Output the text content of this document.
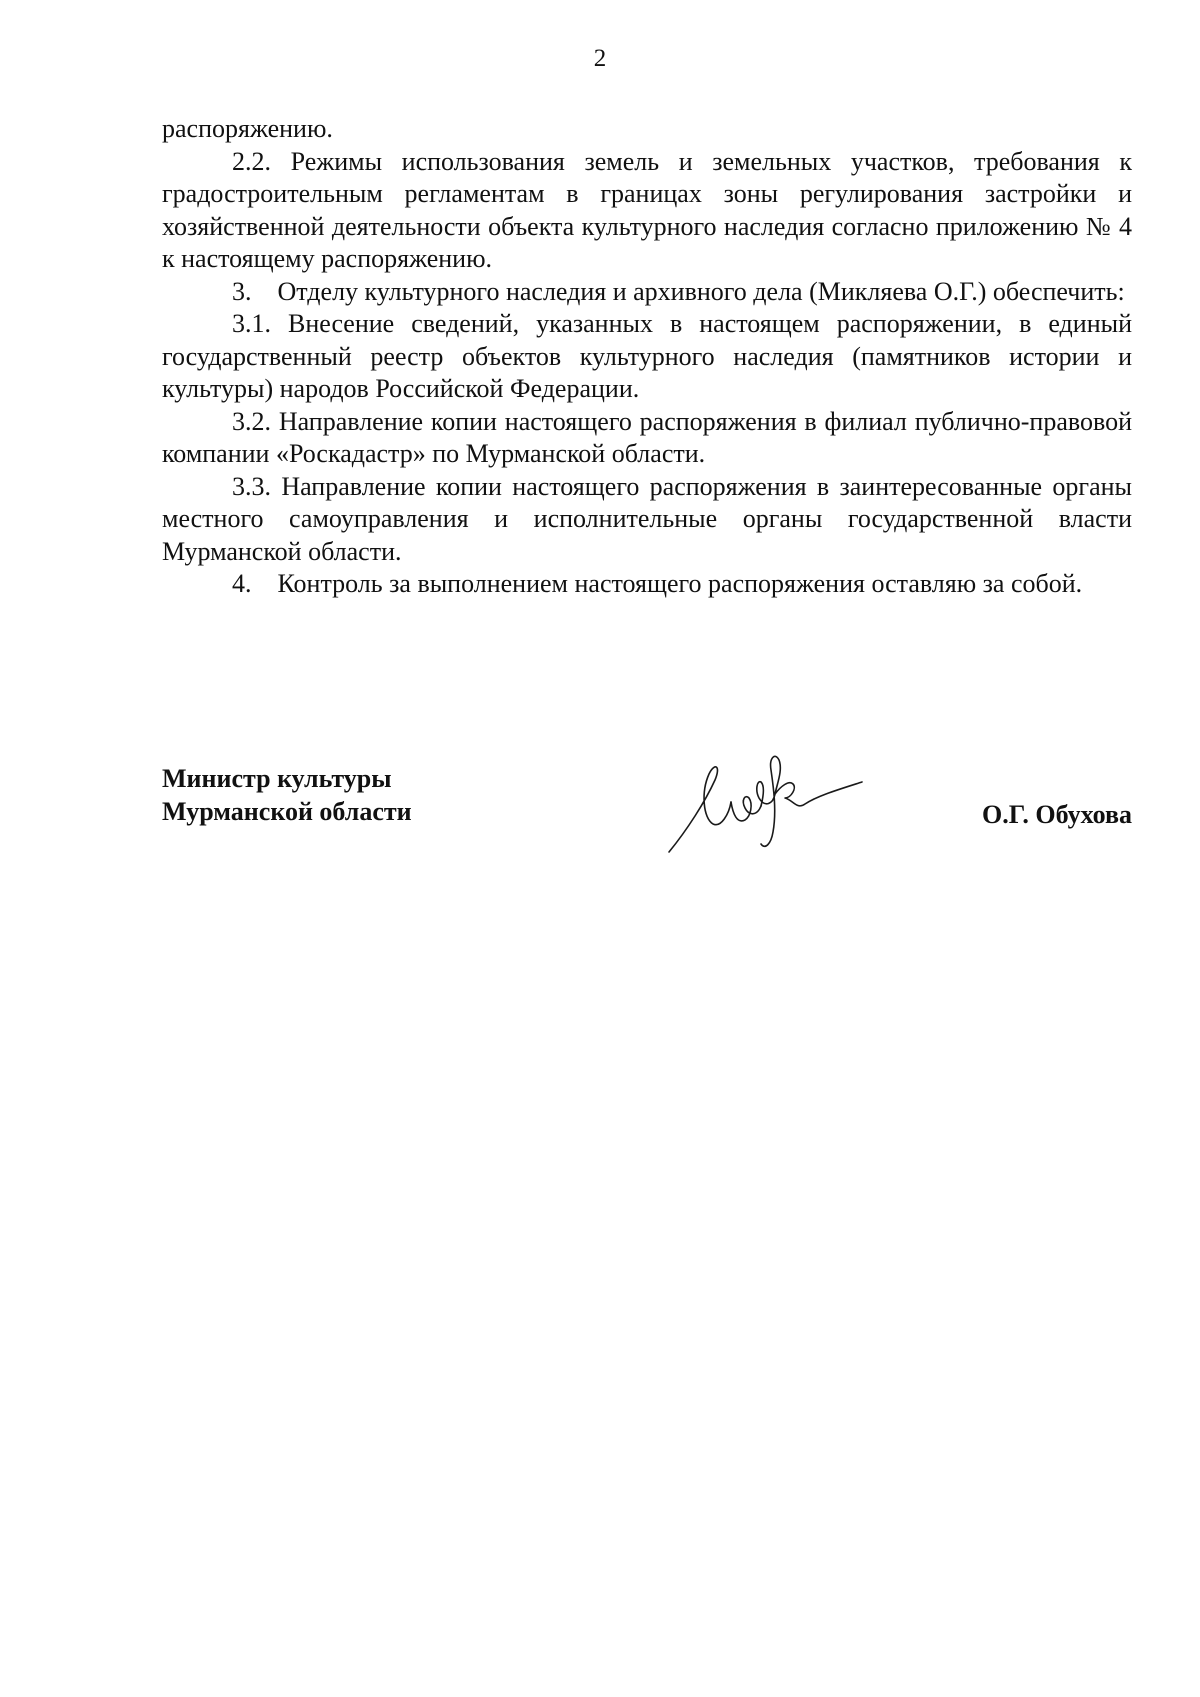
2

распоряжению.

2.2. Режимы использования земель и земельных участков, требования к градостроительным регламентам в границах зоны регулирования застройки и хозяйственной деятельности объекта культурного наследия согласно приложению № 4 к настоящему распоряжению.

3. Отделу культурного наследия и архивного дела (Микляева О.Г.) обеспечить:

3.1. Внесение сведений, указанных в настоящем распоряжении, в единый государственный реестр объектов культурного наследия (памятников истории и культуры) народов Российской Федерации.

3.2. Направление копии настоящего распоряжения в филиал публично-правовой компании «Роскадастр» по Мурманской области.

3.3. Направление копии настоящего распоряжения в заинтересованные органы местного самоуправления и исполнительные органы государственной власти Мурманской области.

4. Контроль за выполнением настоящего распоряжения оставляю за собой.

Министр культуры
Мурманской области	О.Г. Обухова
